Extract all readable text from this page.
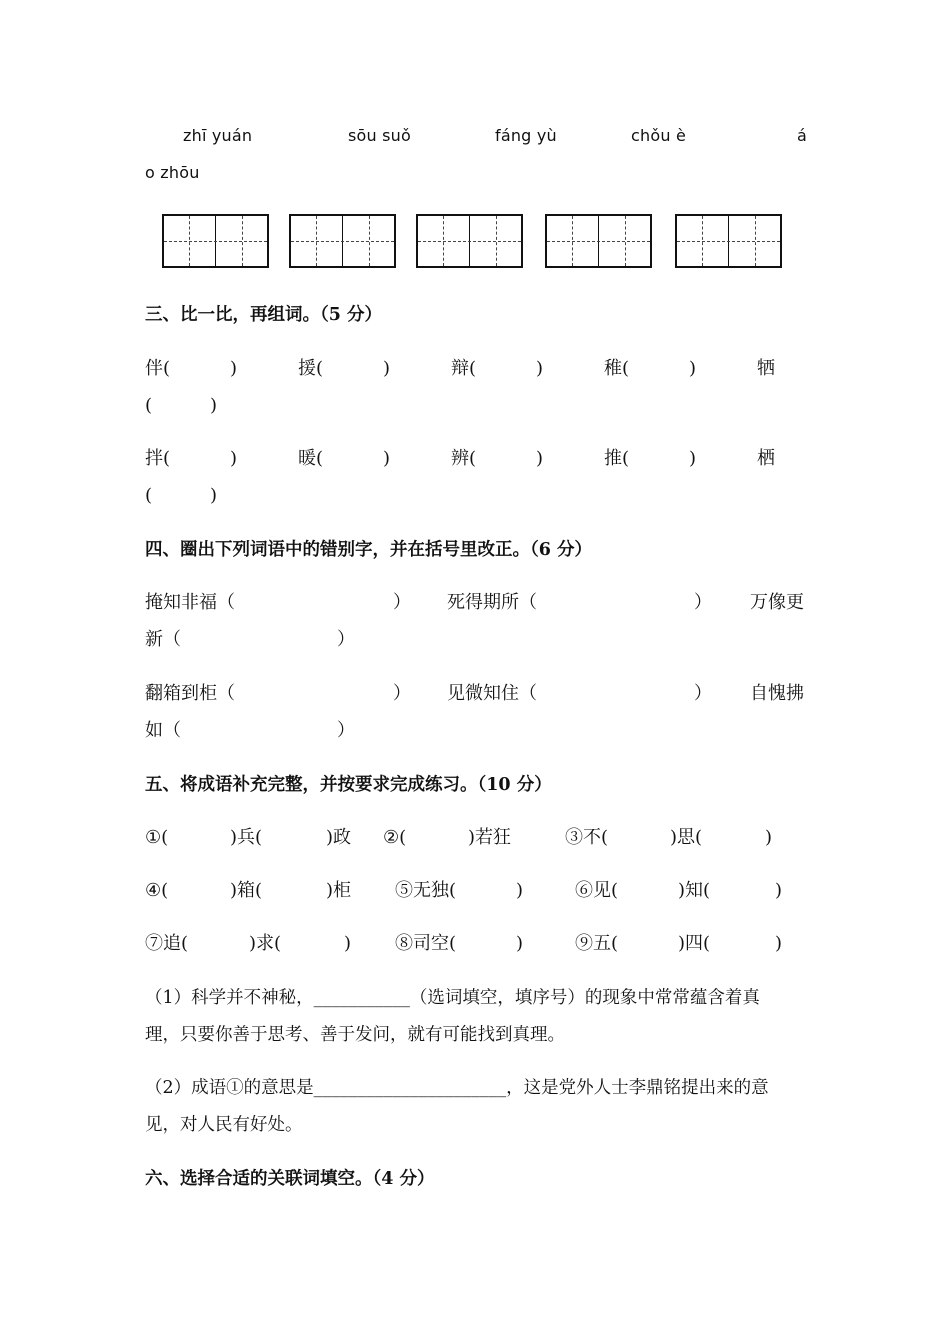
zhī yuán	sōu suǒ	fáng yù	chǒu è	á
o zhōu
三、比一比，再组词。（5 分）
伴(	)	援(	)	辩(	)	稚(	)	牺
(	)
拌(	)	暖(	)	辨(	)	推(	)	栖
(	)
四、圈出下列词语中的错别字，并在括号里改正。（6 分）
掩知非福（	） 死得期所（	） 万像更
新（	）
翻箱到柜（	） 见微知住（	） 自愧拂
如（	）
五、将成语补充完整，并按要求完成练习。（10 分）
①(	)兵(	)政 ②(	)若狂	③不(	)思(	)
④(	)箱(	)柜 ⑤无独(	)	⑥见(	)知(	)
⑦追(	)求(	) ⑧司空(	)	⑨五(	)四(	)
（1）科学并不神秘，___________（选词填空，填序号）的现象中常常蕴含着真
理，只要你善于思考、善于发问，就有可能找到真理。
（2）成语①的意思是______________________，这是党外人士李鼎铭提出来的意
见，对人民有好处。
六、选择合适的关联词填空。（4 分）
